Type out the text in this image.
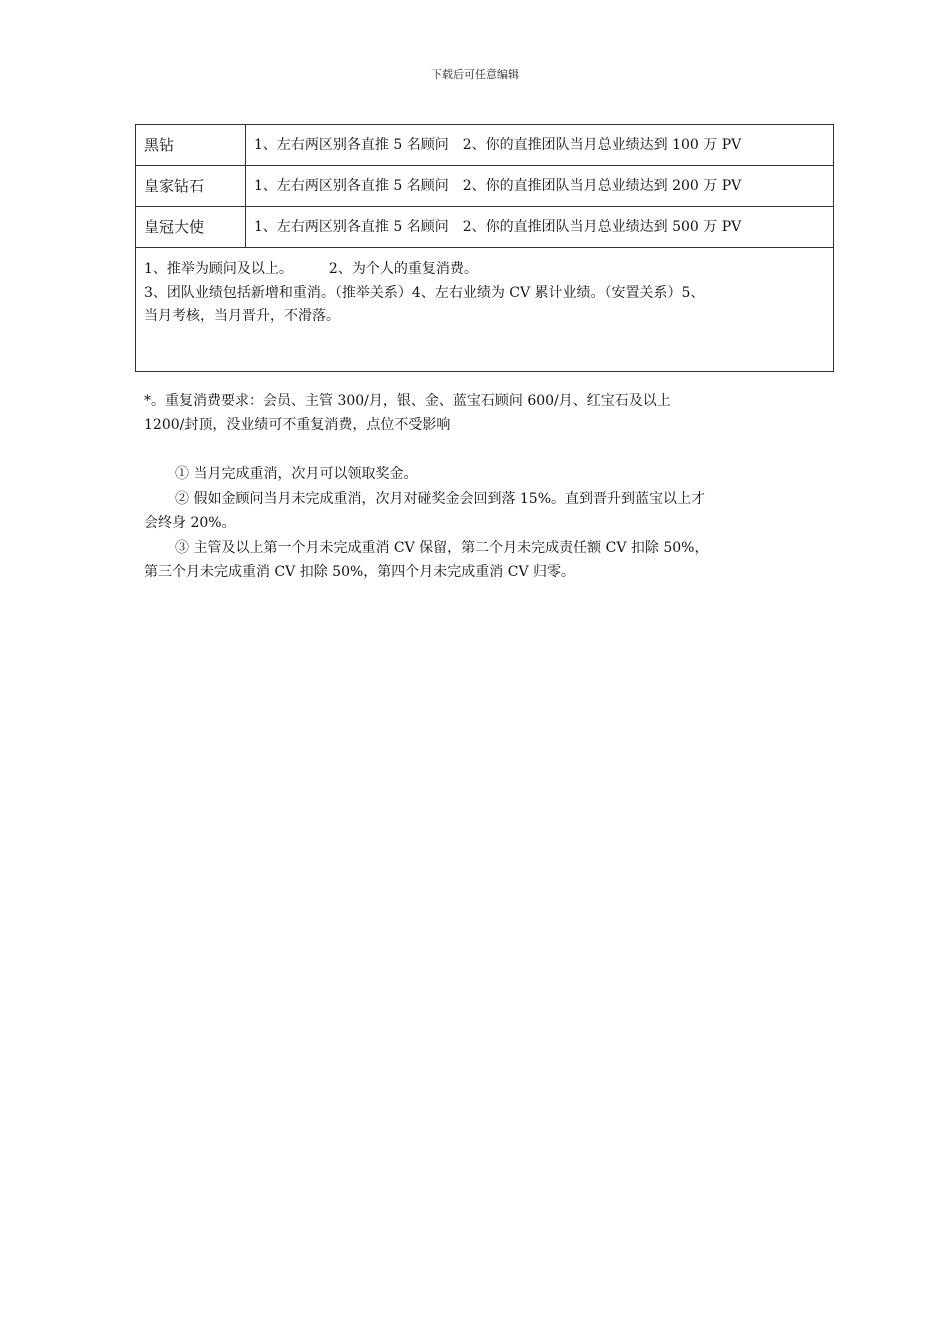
下载后可任意编辑
黑钻	1、左右两区别各直推 5 名顾问　2、你的直推团队当月总业绩达到 100 万 PV
皇家钻石	1、左右两区别各直推 5 名顾问　2、你的直推团队当月总业绩达到 200 万 PV
皇冠大使	1、左右两区别各直推 5 名顾问　2、你的直推团队当月总业绩达到 500 万 PV

1、推举为顾问及以上。 2、为个人的重复消费。
3、团队业绩包括新增和重消。（推举关系）4、左右业绩为 CV 累计业绩。（安置关系）5、
当月考核，当月晋升，不滑落。	
*。重复消费要求：会员、主管 300/月，银、金、蓝宝石顾问 600/月、红宝石及以上
1200/封顶，没业绩可不重复消费，点位不受影响
① 当月完成重消，次月可以领取奖金。
② 假如金顾问当月未完成重消，次月对碰奖金会回到落 15%。直到晋升到蓝宝以上才
会终身 20%。
③ 主管及以上第一个月未完成重消 CV 保留，第二个月未完成责任额 CV 扣除 50%，
第三个月未完成重消 CV 扣除 50%，第四个月未完成重消 CV 归零。
